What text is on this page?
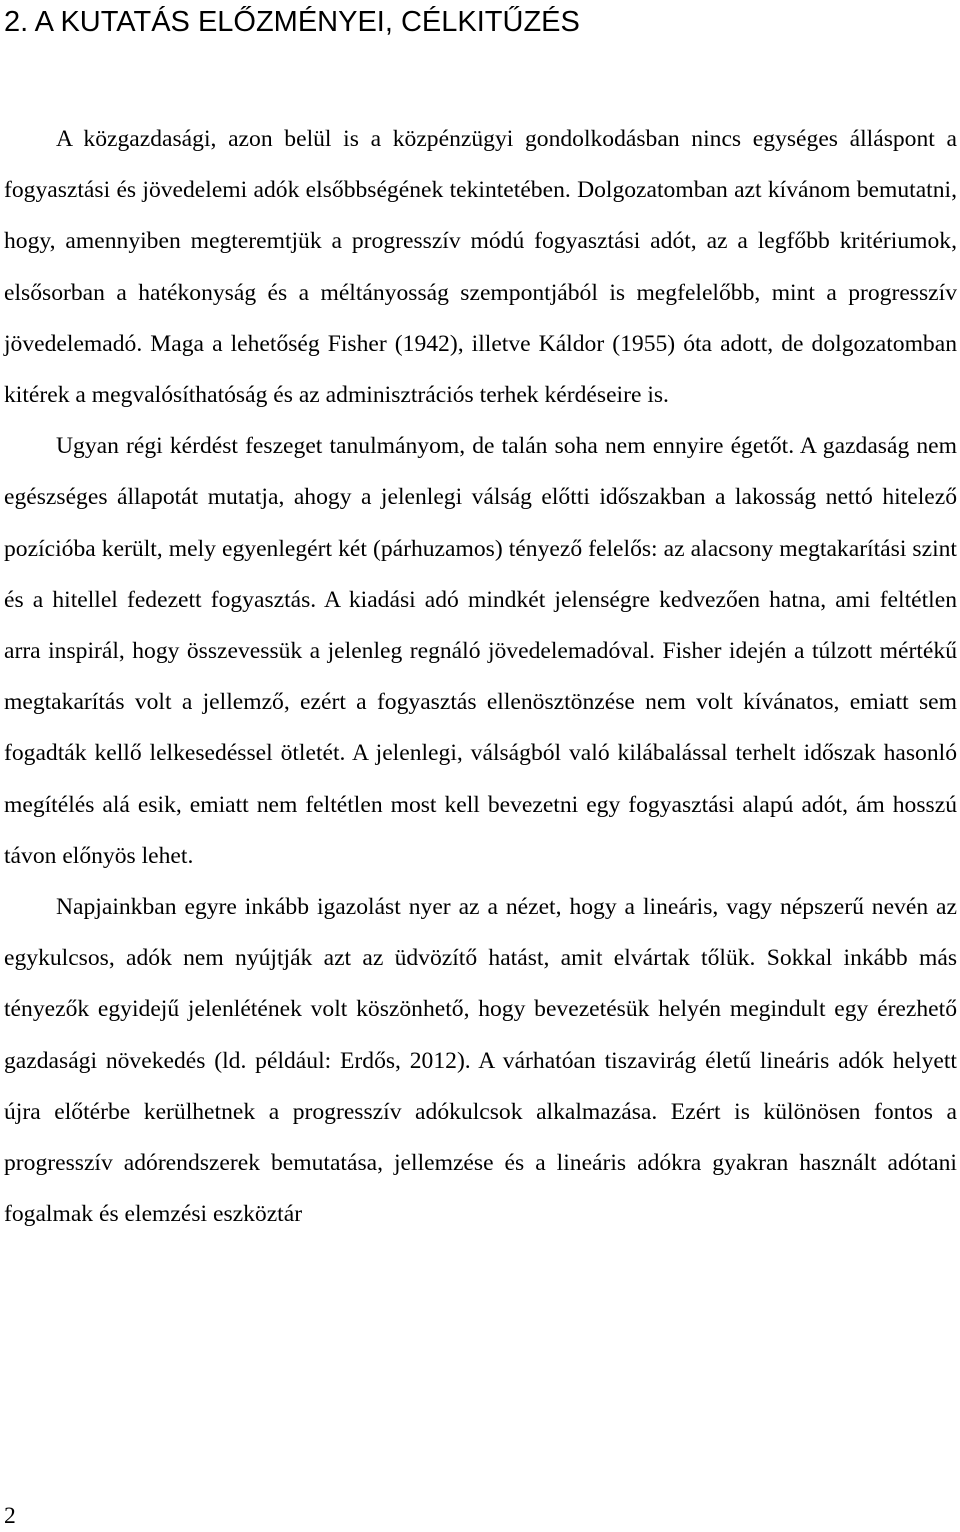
2. A KUTATÁS ELŐZMÉNYEI, CÉLKITŰZÉS

A közgazdasági, azon belül is a közpénzügyi gondolkodásban nincs egységes álláspont a fogyasztási és jövedelemi adók elsőbbségének tekintetében. Dolgozatomban azt kívánom bemutatni, hogy, amennyiben megteremtjük a progresszív módú fogyasztási adót, az a legfőbb kritériumok, elsősorban a hatékonyság és a méltányosság szempontjából is megfelelőbb, mint a progresszív jövedelemadó. Maga a lehetőség Fisher (1942), illetve Káldor (1955) óta adott, de dolgozatomban kitérek a megvalósíthatóság és az adminisztrációs terhek kérdéseire is.

Ugyan régi kérdést feszeget tanulmányom, de talán soha nem ennyire égetőt. A gazdaság nem egészséges állapotát mutatja, ahogy a jelenlegi válság előtti időszakban a lakosság nettó hitelező pozícióba került, mely egyenlegért két (párhuzamos) tényező felelős: az alacsony megtakarítási szint és a hitellel fedezett fogyasztás. A kiadási adó mindkét jelenségre kedvezően hatna, ami feltétlen arra inspirál, hogy összevessük a jelenleg regnáló jövedelemadóval. Fisher idején a túlzott mértékű megtakarítás volt a jellemző, ezért a fogyasztás ellenösztönzése nem volt kívánatos, emiatt sem fogadták kellő lelkesedéssel ötletét. A jelenlegi, válságból való kilábalással terhelt időszak hasonló megítélés alá esik, emiatt nem feltétlen most kell bevezetni egy fogyasztási alapú adót, ám hosszú távon előnyös lehet.

Napjainkban egyre inkább igazolást nyer az a nézet, hogy a lineáris, vagy népszerű nevén az egykulcsos, adók nem nyújtják azt az üdvözítő hatást, amit elvártak tőlük. Sokkal inkább más tényezők egyidejű jelenlétének volt köszönhető, hogy bevezetésük helyén megindult egy érezhető gazdasági növekedés (ld. például: Erdős, 2012). A várhatóan tiszavirág életű lineáris adók helyett újra előtérbe kerülhetnek a progresszív adókulcsok alkalmazása. Ezért is különösen fontos a progresszív adórendszerek bemutatása, jellemzése és a lineáris adókra gyakran használt adótani fogalmak és elemzési eszköztár

2
